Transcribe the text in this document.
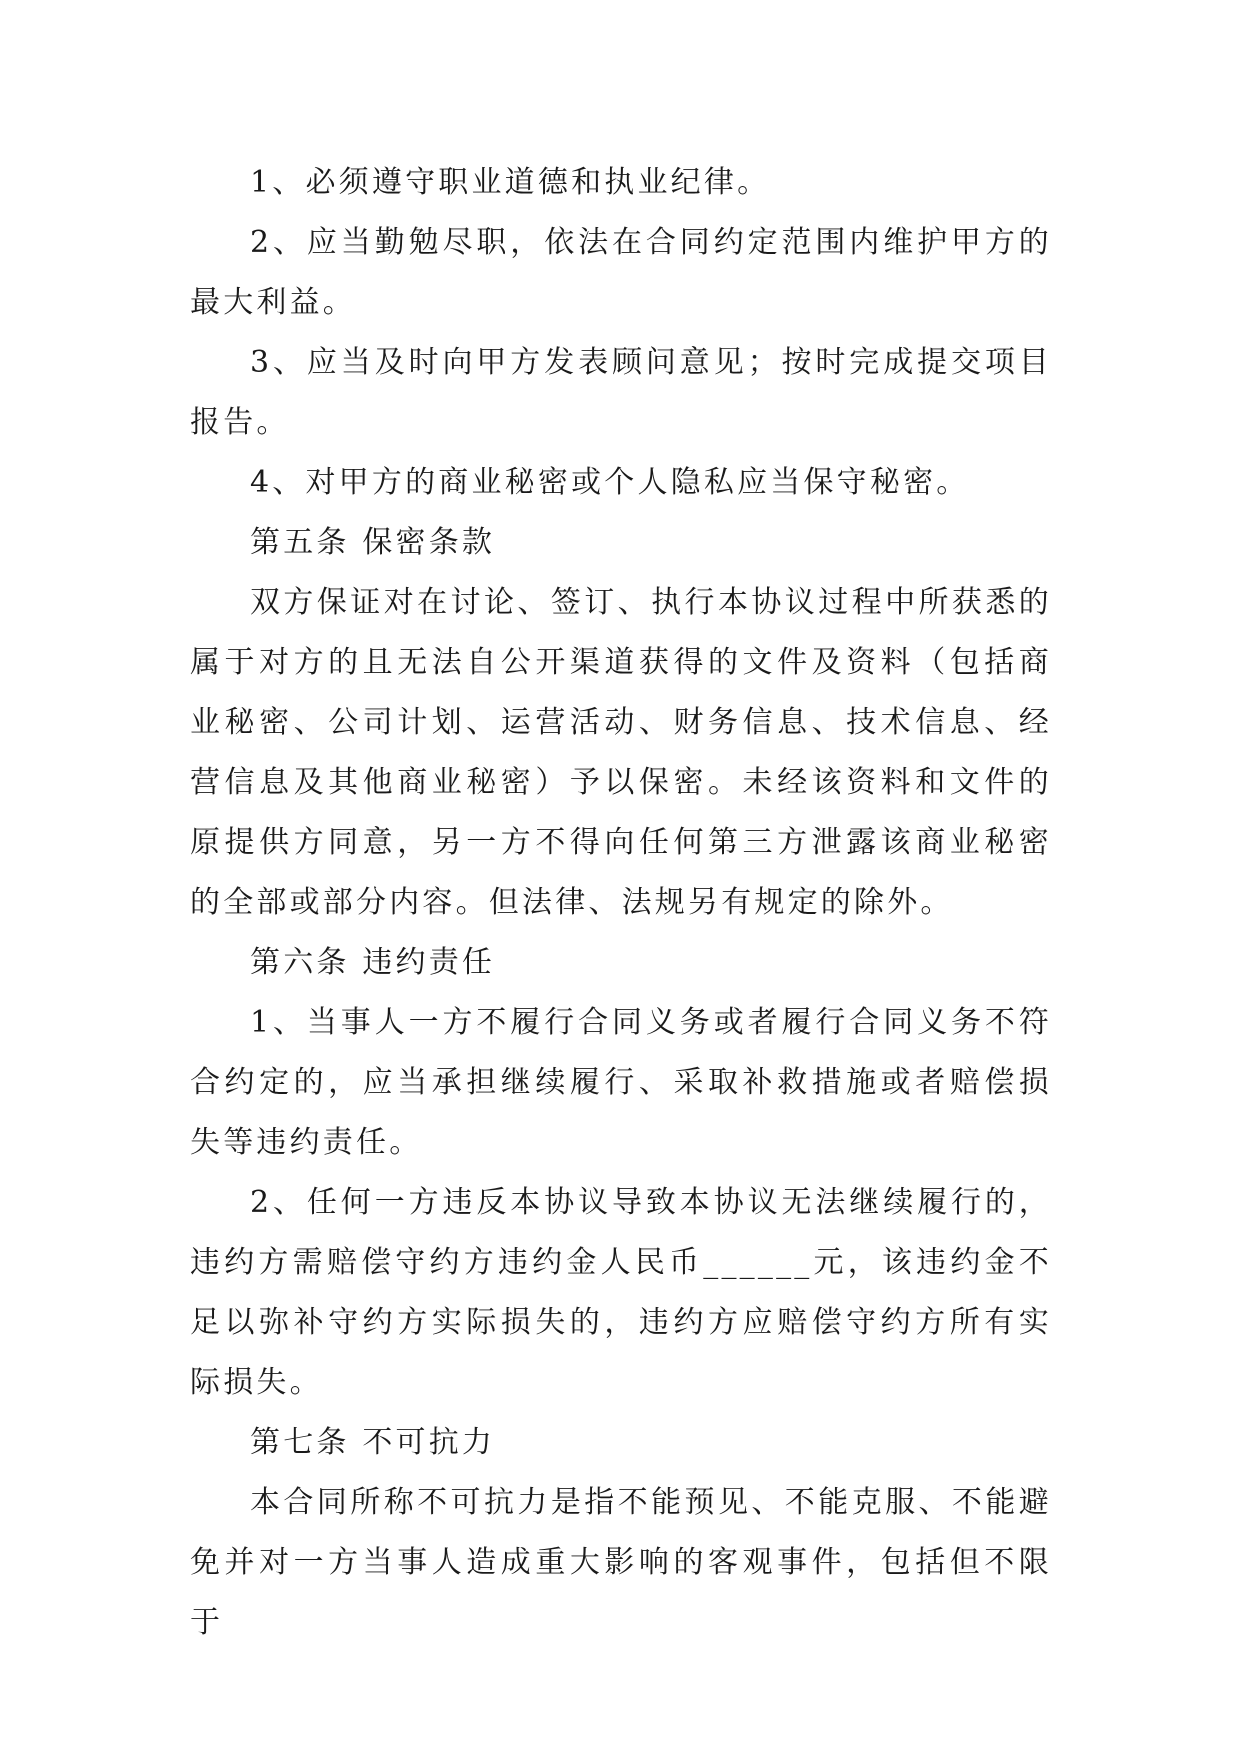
1、必须遵守职业道德和执业纪律。

2、应当勤勉尽职，依法在合同约定范围内维护甲方的最大利益。

3、应当及时向甲方发表顾问意见；按时完成提交项目报告。

4、对甲方的商业秘密或个人隐私应当保守秘密。

第五条 保密条款

双方保证对在讨论、签订、执行本协议过程中所获悉的属于对方的且无法自公开渠道获得的文件及资料（包括商业秘密、公司计划、运营活动、财务信息、技术信息、经营信息及其他商业秘密）予以保密。未经该资料和文件的原提供方同意，另一方不得向任何第三方泄露该商业秘密的全部或部分内容。但法律、法规另有规定的除外。

第六条 违约责任

1、当事人一方不履行合同义务或者履行合同义务不符合约定的，应当承担继续履行、采取补救措施或者赔偿损失等违约责任。

2、任何一方违反本协议导致本协议无法继续履行的，违约方需赔偿守约方违约金人民币______元，该违约金不足以弥补守约方实际损失的，违约方应赔偿守约方所有实际损失。

第七条 不可抗力

本合同所称不可抗力是指不能预见、不能克服、不能避免并对一方当事人造成重大影响的客观事件，包括但不限于
